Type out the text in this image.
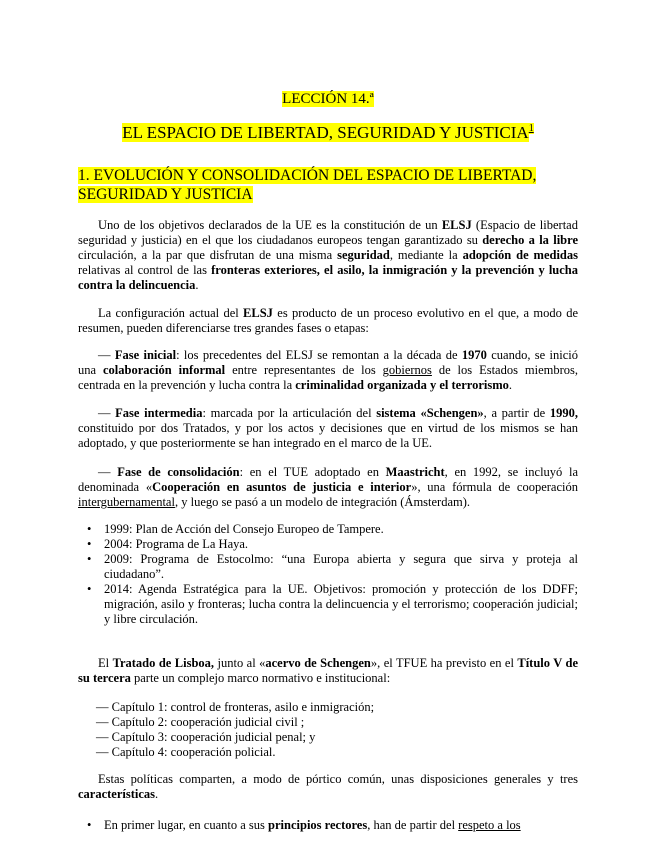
LECCIÓN 14.ª
EL ESPACIO DE LIBERTAD, SEGURIDAD Y JUSTICIA$^1$
1. EVOLUCIÓN Y CONSOLIDACIÓN DEL ESPACIO DE LIBERTAD, SEGURIDAD Y JUSTICIA

Uno de los objetivos declarados de la UE es la constitución de un ELSJ (Espacio de libertad seguridad y justicia) en el que los ciudadanos europeos tengan garantizado su derecho a la libre circulación, a la par que disfrutan de una misma seguridad, mediante la adopción de medidas relativas al control de las fronteras exteriores, el asilo, la inmigración y la prevención y lucha contra la delincuencia.

La configuración actual del ELSJ es producto de un proceso evolutivo en el que, a modo de resumen, pueden diferenciarse tres grandes fases o etapas:

— Fase inicial: los precedentes del ELSJ se remontan a la década de 1970 cuando, se inició una colaboración informal entre representantes de los gobiernos de los Estados miembros, centrada en la prevención y lucha contra la criminalidad organizada y el terrorismo.

— Fase intermedia: marcada por la articulación del sistema «Schengen», a partir de 1990, constituido por dos Tratados, y por los actos y decisiones que en virtud de los mismos se han adoptado, y que posteriormente se han integrado en el marco de la UE.

— Fase de consolidación: en el TUE adoptado en Maastricht, en 1992, se incluyó la denominada «Cooperación en asuntos de justicia e interior», una fórmula de cooperación intergubernamental, y luego se pasó a un modelo de integración (Ámsterdam).

• 1999: Plan de Acción del Consejo Europeo de Tampere.
• 2004: Programa de La Haya.
• 2009: Programa de Estocolmo: “una Europa abierta y segura que sirva y proteja al ciudadano”.
• 2014: Agenda Estratégica para la UE. Objetivos: promoción y protección de los DDFF; migración, asilo y fronteras; lucha contra la delincuencia y el terrorismo; cooperación judicial; y libre circulación.

El Tratado de Lisboa, junto al «acervo de Schengen», el TFUE ha previsto en el Título V de su tercera parte un complejo marco normativo e institucional:

— Capítulo 1: control de fronteras, asilo e inmigración;
— Capítulo 2: cooperación judicial civil ;
— Capítulo 3: cooperación judicial penal; y
— Capítulo 4: cooperación policial.

Estas políticas comparten, a modo de pórtico común, unas disposiciones generales y tres características.

•	En primer lugar, en cuanto a sus principios rectores, han de partir del respeto a los
